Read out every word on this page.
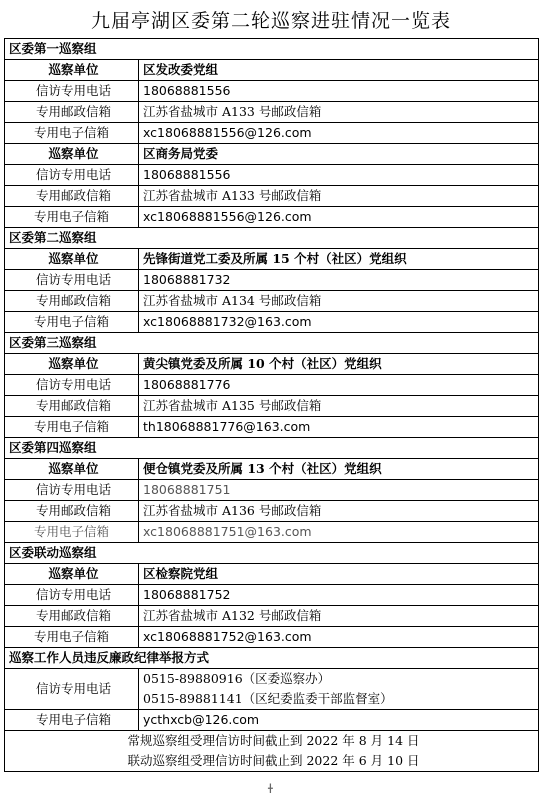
九届亭湖区委第二轮巡察进驻情况一览表
区委第一巡察组	
巡察单位	区发改委党组
信访专用电话	18068881556
专用邮政信箱	江苏省盐城市 A133 号邮政信箱
专用电子信箱	xc18068881556@126.com
巡察单位	区商务局党委
信访专用电话	18068881556
专用邮政信箱	江苏省盐城市 A133 号邮政信箱
专用电子信箱	xc18068881556@126.com
区委第二巡察组	
巡察单位	先锋街道党工委及所属 15 个村（社区）党组织
信访专用电话	18068881732
专用邮政信箱	江苏省盐城市 A134 号邮政信箱
专用电子信箱	xc18068881732@163.com
区委第三巡察组	
巡察单位	黄尖镇党委及所属 10 个村（社区）党组织
信访专用电话	18068881776
专用邮政信箱	江苏省盐城市 A135 号邮政信箱
专用电子信箱	th18068881776@163.com
区委第四巡察组	
巡察单位	便仓镇党委及所属 13 个村（社区）党组织
信访专用电话	18068881751
专用邮政信箱	江苏省盐城市 A136 号邮政信箱
专用电子信箱	xc18068881751@163.com
区委联动巡察组	
巡察单位	区检察院党组
信访专用电话	18068881752
专用邮政信箱	江苏省盐城市 A132 号邮政信箱
专用电子信箱	xc18068881752@163.com
巡察工作人员违反廉政纪律举报方式	
信访专用电话	0515-89880916（区委巡察办）
0515-89881141（区纪委监委干部监督室）

专用电子信箱	ycthxcb@126.com

常规巡察组受理信访时间截止到 2022 年 8 月 14 日
联动巡察组受理信访时间截止到 2022 年 6 月 10 日	
╋
